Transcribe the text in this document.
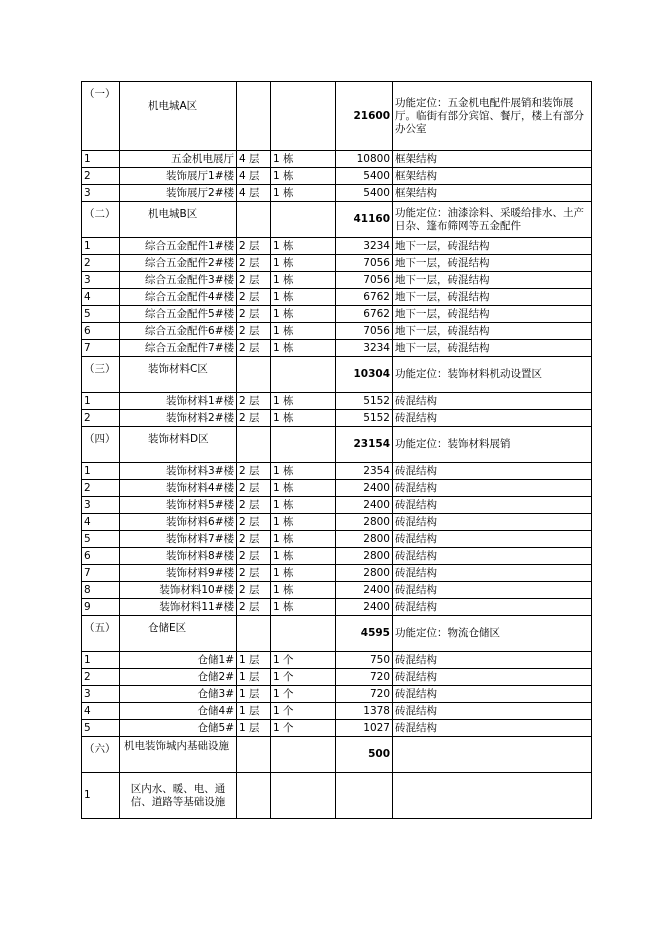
（一）	机电城A区			21600	功能定位：五金机电配件展销和装饰展厅。临街有部分宾馆、餐厅，楼上有部分办公室
1	五金机电展厅	4 层	1 栋	10800	框架结构
2	装饰展厅1#楼	4 层	1 栋	5400	框架结构
3	装饰展厅2#楼	4 层	1 栋	5400	框架结构
（二）	机电城B区			41160	功能定位：油漆涂料、采暖给排水、土产日杂、篷布筛网等五金配件
1	综合五金配件1#楼	2 层	1 栋	3234	地下一层，砖混结构
2	综合五金配件2#楼	2 层	1 栋	7056	地下一层，砖混结构
3	综合五金配件3#楼	2 层	1 栋	7056	地下一层，砖混结构
4	综合五金配件4#楼	2 层	1 栋	6762	地下一层，砖混结构
5	综合五金配件5#楼	2 层	1 栋	6762	地下一层，砖混结构
6	综合五金配件6#楼	2 层	1 栋	7056	地下一层，砖混结构
7	综合五金配件7#楼	2 层	1 栋	3234	地下一层，砖混结构
（三）	装饰材料C区			10304	功能定位：装饰材料机动设置区
1	装饰材料1#楼	2 层	1 栋	5152	砖混结构
2	装饰材料2#楼	2 层	1 栋	5152	砖混结构
（四）	装饰材料D区			23154	功能定位：装饰材料展销
1	装饰材料3#楼	2 层	1 栋	2354	砖混结构
2	装饰材料4#楼	2 层	1 栋	2400	砖混结构
3	装饰材料5#楼	2 层	1 栋	2400	砖混结构
4	装饰材料6#楼	2 层	1 栋	2800	砖混结构
5	装饰材料7#楼	2 层	1 栋	2800	砖混结构
6	装饰材料8#楼	2 层	1 栋	2800	砖混结构
7	装饰材料9#楼	2 层	1 栋	2800	砖混结构
8	装饰材料10#楼	2 层	1 栋	2400	砖混结构
9	装饰材料11#楼	2 层	1 栋	2400	砖混结构
（五）	仓储E区			4595	功能定位：物流仓储区
1	仓储1#	1 层	1 个	750	砖混结构
2	仓储2#	1 层	1 个	720	砖混结构
3	仓储3#	1 层	1 个	720	砖混结构
4	仓储4#	1 层	1 个	1378	砖混结构
5	仓储5#	1 层	1 个	1027	砖混结构
（六）	机电装饰城内基础设施			500	
1	区内水、暖、电、通信、道路等基础设施				
